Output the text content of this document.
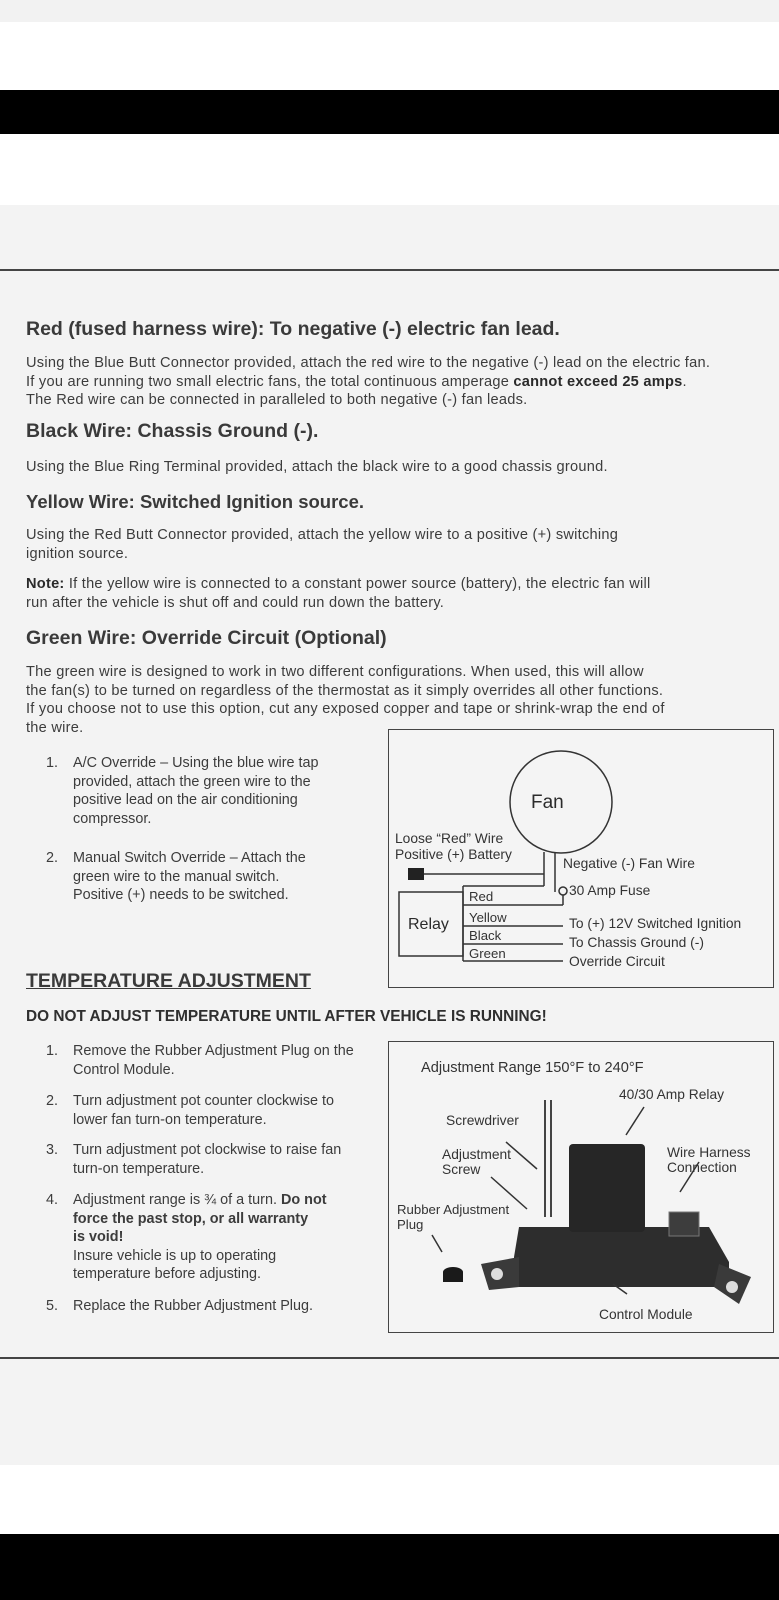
Red (fused harness wire): To negative (-) electric fan lead.
Using the Blue Butt Connector provided, attach the red wire to the negative (-) lead on the electric fan.
If you are running two small electric fans, the total continuous amperage cannot exceed 25 amps.
The Red wire can be connected in paralleled to both negative (-) fan leads.
Black Wire: Chassis Ground (-).
Using the Blue Ring Terminal provided, attach the black wire to a good chassis ground.
Yellow Wire: Switched Ignition source.
Using the Red Butt Connector provided, attach the yellow wire to a positive (+) switching
ignition source.
Note: If the yellow wire is connected to a constant power source (battery), the electric fan will
run after the vehicle is shut off and could run down the battery.
Green Wire: Override Circuit (Optional)
The green wire is designed to work in two different configurations. When used, this will allow
the fan(s) to be turned on regardless of the thermostat as it simply overrides all other functions.
If you choose not to use this option, cut any exposed copper and tape or shrink-wrap the end of
the wire.
1. A/C Override – Using the blue wire tap
provided, attach the green wire to the
positive lead on the air conditioning
compressor.
2. Manual Switch Override – Attach the
green wire to the manual switch.
Positive (+) needs to be switched.
Fan
Loose “Red” Wire
Positive (+) Battery
Negative (-) Fan Wire
30 Amp Fuse
Relay
Red
Yellow
Black
Green
To (+) 12V Switched Ignition
To Chassis Ground (-)
Override Circuit
TEMPERATURE ADJUSTMENT
DO NOT ADJUST TEMPERATURE UNTIL AFTER VEHICLE IS RUNNING!
1. Remove the Rubber Adjustment Plug on the
Control Module.
2. Turn adjustment pot counter clockwise to
lower fan turn-on temperature.
3. Turn adjustment pot clockwise to raise fan
turn-on temperature.
4. Adjustment range is ¾ of a turn. Do not
force the past stop, or all warranty
is void!
Insure vehicle is up to operating
temperature before adjusting.
5. Replace the Rubber Adjustment Plug.
Adjustment Range 150°F to 240°F
40/30 Amp Relay
Screwdriver
Adjustment
Screw
Wire Harness
Connection
Rubber Adjustment
Plug
Control Module
